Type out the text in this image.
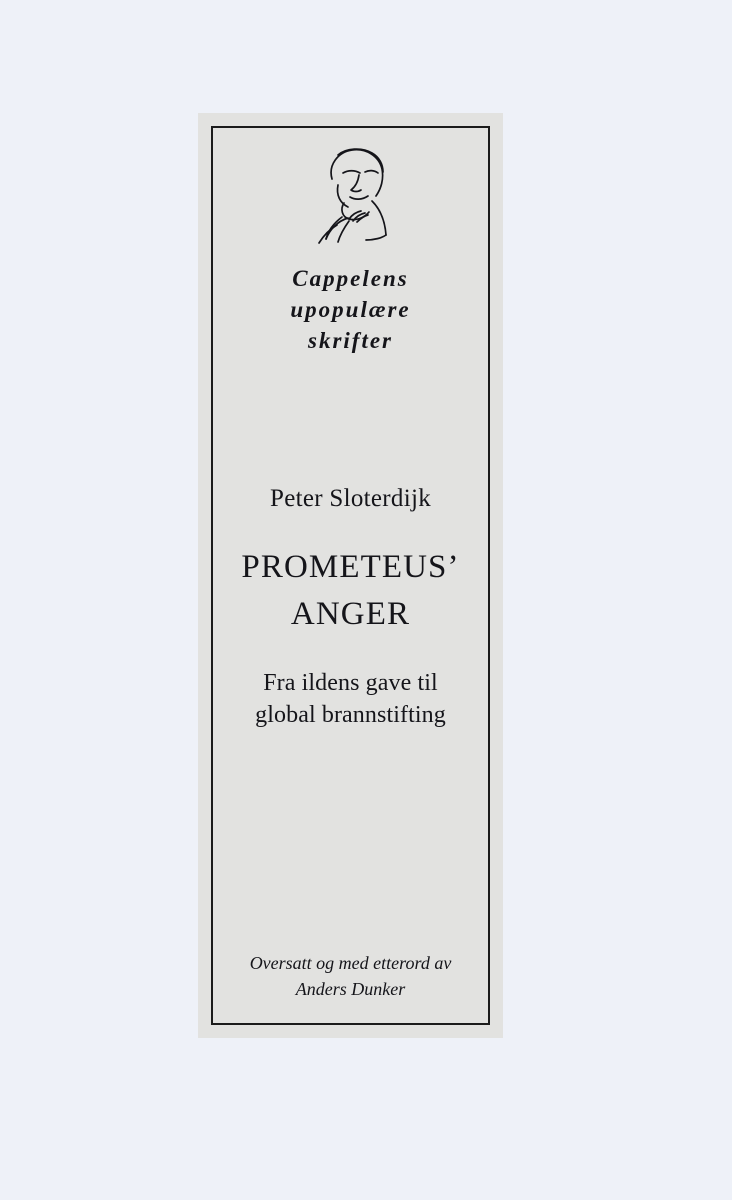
Cappelens
upopulære
skrifter
Peter Sloterdijk
PROMETEUS’
ANGER
Fra ildens gave til
global brannstifting
Oversatt og med etterord av
Anders Dunker
